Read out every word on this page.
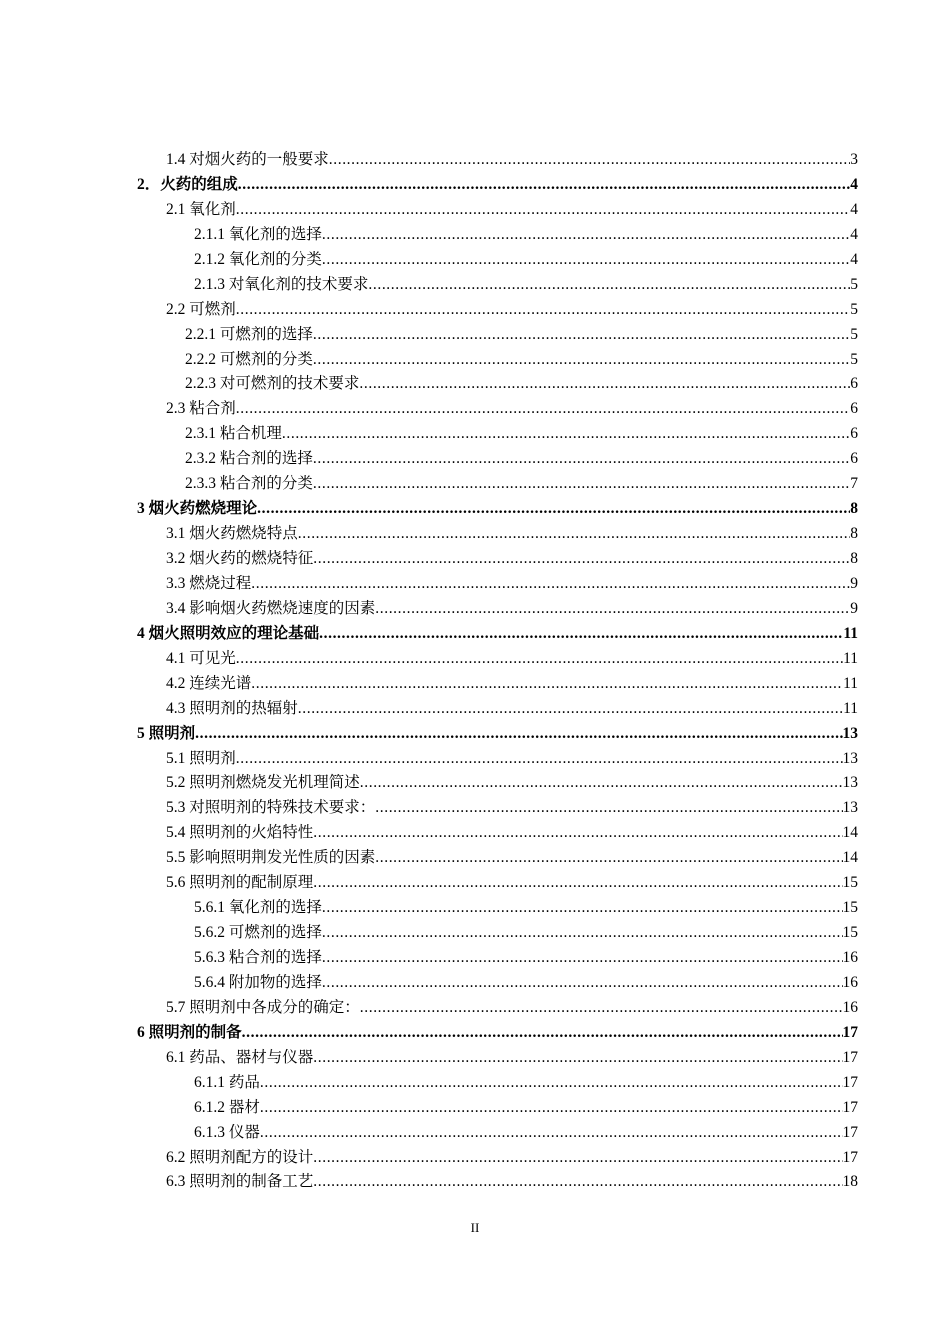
1.4 对烟火药的一般要求 .....	3
2．火药的组成 .....	4
2.1 氧化剂 .....	4
2.1.1 氧化剂的选择 .....	4
2.1.2 氧化剂的分类 .....	4
2.1.3 对氧化剂的技术要求 .....	5
2.2 可燃剂 .....	5
2.2.1 可燃剂的选择 .....	5
2.2.2 可燃剂的分类 .....	5
2.2.3 对可燃剂的技术要求 .....	6
2.3 粘合剂 .....	6
2.3.1 粘合机理 .....	6
2.3.2 粘合剂的选择 .....	6
2.3.3 粘合剂的分类 .....	7
3 烟火药燃烧理论 .....	8
3.1 烟火药燃烧特点 .....	8
3.2 烟火药的燃烧特征 .....	8
3.3 燃烧过程 .....	9
3.4 影响烟火药燃烧速度的因素 .....	9
4 烟火照明效应的理论基础 .....	11
4.1 可见光 .....	11
4.2 连续光谱 .....	11
4.3 照明剂的热辐射 .....	11
5 照明剂 .....	13
5.1 照明剂 .....	13
5.2 照明剂燃烧发光机理简述 .....	13
5.3 对照明剂的特殊技术要求： .....	13
5.4 照明剂的火焰特性 .....	14
5.5 影响照明荆发光性质的因素 .....	14
5.6 照明剂的配制原理 .....	15
5.6.1 氧化剂的选择 .....	15
5.6.2 可燃剂的选择 .....	15
5.6.3 粘合剂的选择 .....	16
5.6.4 附加物的选择 .....	16
5.7 照明剂中各成分的确定： .....	16
6 照明剂的制备 .....	17
6.1 药品、器材与仪器 .....	17
6.1.1 药品 .....	17
6.1.2 器材 .....	17
6.1.3 仪器 .....	17
6.2 照明剂配方的设计 .....	17
6.3 照明剂的制备工艺 .....	18
II
